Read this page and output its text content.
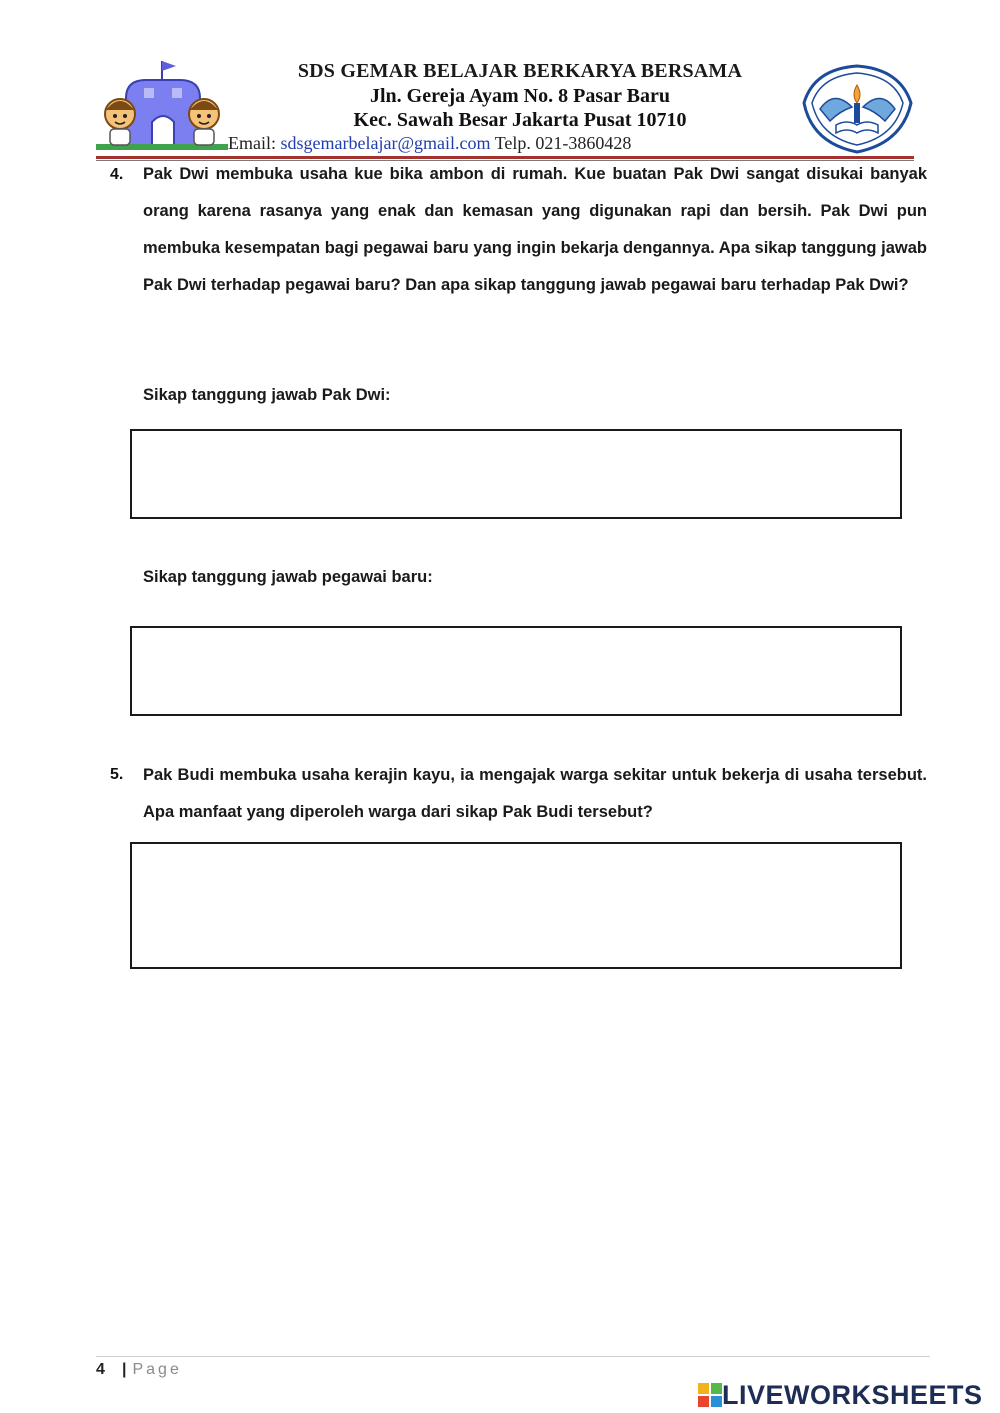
SDS GEMAR BELAJAR BERKARYA BERSAMA
Jln. Gereja Ayam No. 8 Pasar Baru
Kec. Sawah Besar Jakarta Pusat 10710
Email: sdsgemarbelajar@gmail.com Telp. 021-3860428
4. Pak Dwi membuka usaha kue bika ambon di rumah. Kue buatan Pak Dwi sangat disukai banyak orang karena rasanya yang enak dan kemasan yang digunakan rapi dan bersih. Pak Dwi pun membuka kesempatan bagi pegawai baru yang ingin bekarja dengannya. Apa sikap tanggung jawab Pak Dwi terhadap pegawai baru? Dan apa sikap tanggung jawab pegawai baru terhadap Pak Dwi?
Sikap tanggung jawab Pak Dwi:
Sikap tanggung jawab pegawai baru:
5. Pak Budi membuka usaha kerajin kayu, ia mengajak warga sekitar untuk bekerja di usaha tersebut. Apa manfaat yang diperoleh warga dari sikap Pak Budi tersebut?
4 | Page
LIVEWORKSHEETS
